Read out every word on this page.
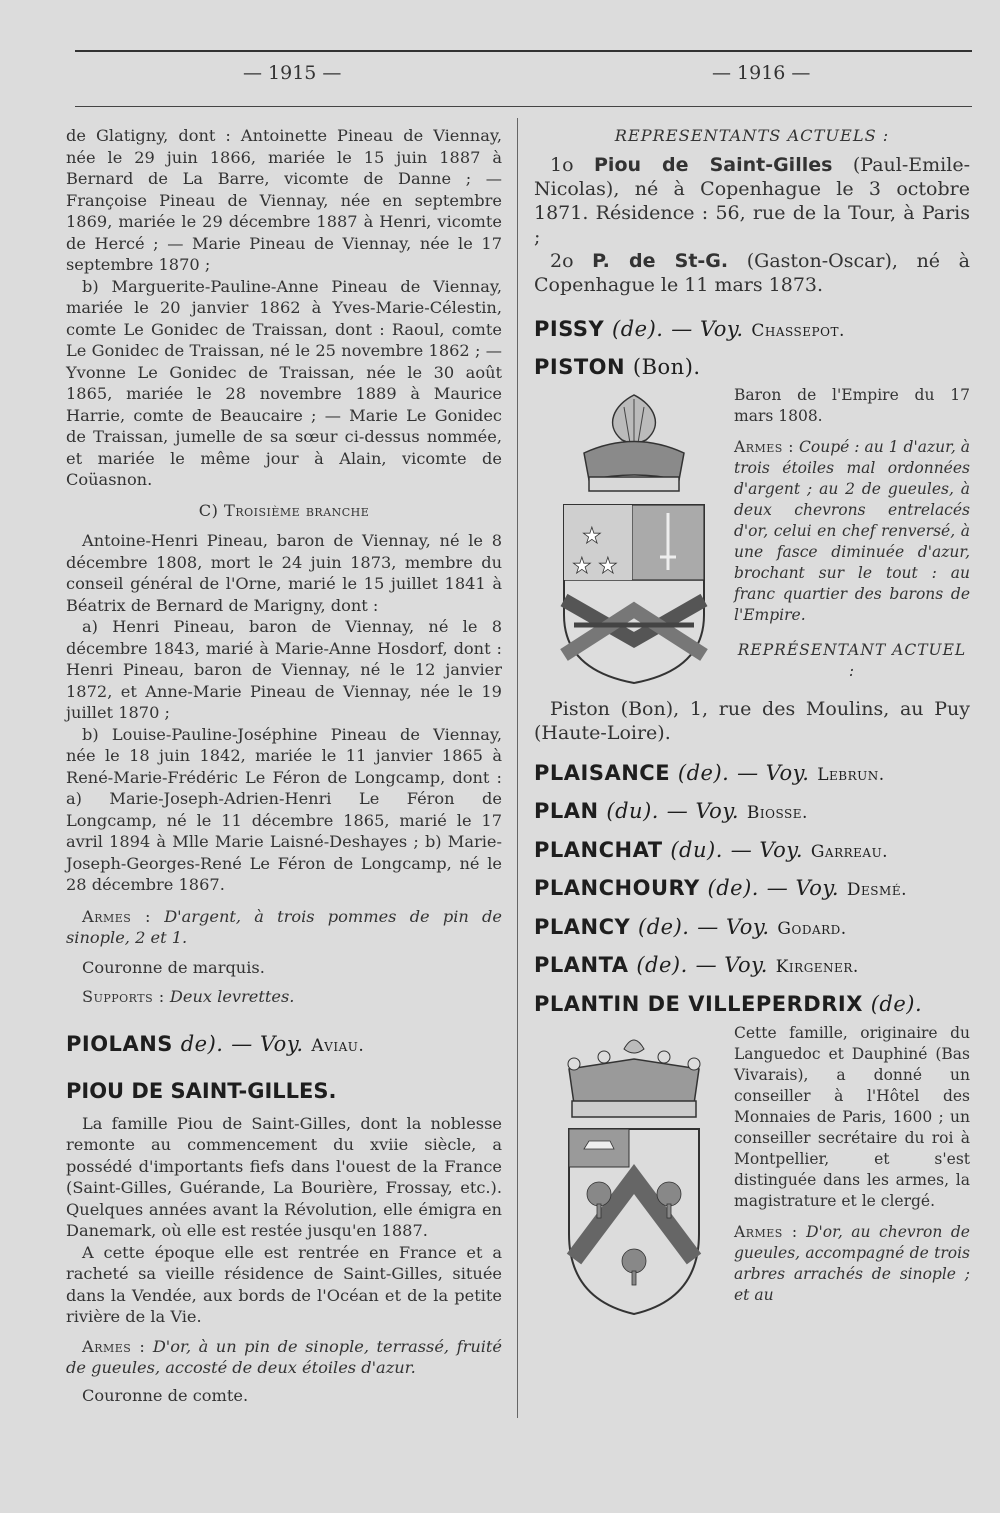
— 1915 —	— 1916 —

de Glatigny, dont : Antoinette Pineau de Viennay, née le 29 juin 1866, mariée le 15 juin 1887 à Bernard de La Barre, vicomte de Danne ; — Françoise Pineau de Viennay, née en septembre 1869, mariée le 29 décembre 1887 à Henri, vicomte de Hercé ; — Marie Pineau de Viennay, née le 17 septembre 1870 ;

b) Marguerite-Pauline-Anne Pineau de Viennay, mariée le 20 janvier 1862 à Yves-Marie-Célestin, comte Le Gonidec de Traissan, dont : Raoul, comte Le Gonidec de Traissan, né le 25 novembre 1862 ; — Yvonne Le Gonidec de Traissan, née le 30 août 1865, mariée le 28 novembre 1889 à Maurice Harrie, comte de Beaucaire ; — Marie Le Gonidec de Traissan, jumelle de sa sœur ci-dessus nommée, et mariée le même jour à Alain, vicomte de Coüasnon.

C) Troisième branche

Antoine-Henri Pineau, baron de Viennay, né le 8 décembre 1808, mort le 24 juin 1873, membre du conseil général de l'Orne, marié le 15 juillet 1841 à Béatrix de Bernard de Marigny, dont :

a) Henri Pineau, baron de Viennay, né le 8 décembre 1843, marié à Marie-Anne Hosdorf, dont : Henri Pineau, baron de Viennay, né le 12 janvier 1872, et Anne-Marie Pineau de Viennay, née le 19 juillet 1870 ;

b) Louise-Pauline-Joséphine Pineau de Viennay, née le 18 juin 1842, mariée le 11 janvier 1865 à René-Marie-Frédéric Le Féron de Longcamp, dont : a) Marie-Joseph-Adrien-Henri Le Féron de Longcamp, né le 11 décembre 1865, marié le 17 avril 1894 à Mlle Marie Laisné-Deshayes ; b) Marie-Joseph-Georges-René Le Féron de Longcamp, né le 28 décembre 1867.

Armes : D'argent, à trois pommes de pin de sinople, 2 et 1.

Couronne de marquis.

Supports : Deux levrettes.

PIOLANS de). — Voy. Aviau.
PIOU DE SAINT-GILLES.

La famille Piou de Saint-Gilles, dont la noblesse remonte au commencement du xviie siècle, a possédé d'importants fiefs dans l'ouest de la France (Saint-Gilles, Guérande, La Bourière, Frossay, etc.). Quelques années avant la Révolution, elle émigra en Danemark, où elle est restée jusqu'en 1887.

A cette époque elle est rentrée en France et a racheté sa vieille résidence de Saint-Gilles, située dans la Vendée, aux bords de l'Océan et de la petite rivière de la Vie.

Armes : D'or, à un pin de sinople, terrassé, fruité de gueules, accosté de deux étoiles d'azur.

Couronne de comte.

REPRESENTANTS ACTUELS :

1o Piou de Saint-Gilles (Paul-Emile-Nicolas), né à Copenhague le 3 octobre 1871. Résidence : 56, rue de la Tour, à Paris ;

2o P. de St-G. (Gaston-Oscar), né à Copenhague le 11 mars 1873.

PISSY (de). — Voy. Chassepot.
PISTON (Bon).
★
★ ★

Baron de l'Empire du 17 mars 1808.

Armes : Coupé : au 1 d'azur, à trois étoiles mal ordonnées d'argent ; au 2 de gueules, à deux chevrons entrelacés d'or, celui en chef renversé, à une fasce diminuée d'azur, brochant sur le tout : au franc quartier des barons de l'Empire.

REPRÉSENTANT ACTUEL :

Piston (Bon), 1, rue des Moulins, au Puy (Haute-Loire).

PLAISANCE (de). — Voy. Lebrun.
PLAN (du). — Voy. Biosse.
PLANCHAT (du). — Voy. Garreau.
PLANCHOURY (de). — Voy. Desmé.
PLANCY (de). — Voy. Godard.
PLANTA (de). — Voy. Kirgener.
PLANTIN DE VILLEPERDRIX (de).

Cette famille, originaire du Languedoc et Dauphiné (Bas Vivarais), a donné un conseiller à l'Hôtel des Monnaies de Paris, 1600 ; un conseiller secrétaire du roi à Montpellier, et s'est distinguée dans les armes, la magistrature et le clergé.

Armes : D'or, au chevron de gueules, accompagné de trois arbres arrachés de sinople ; et au
